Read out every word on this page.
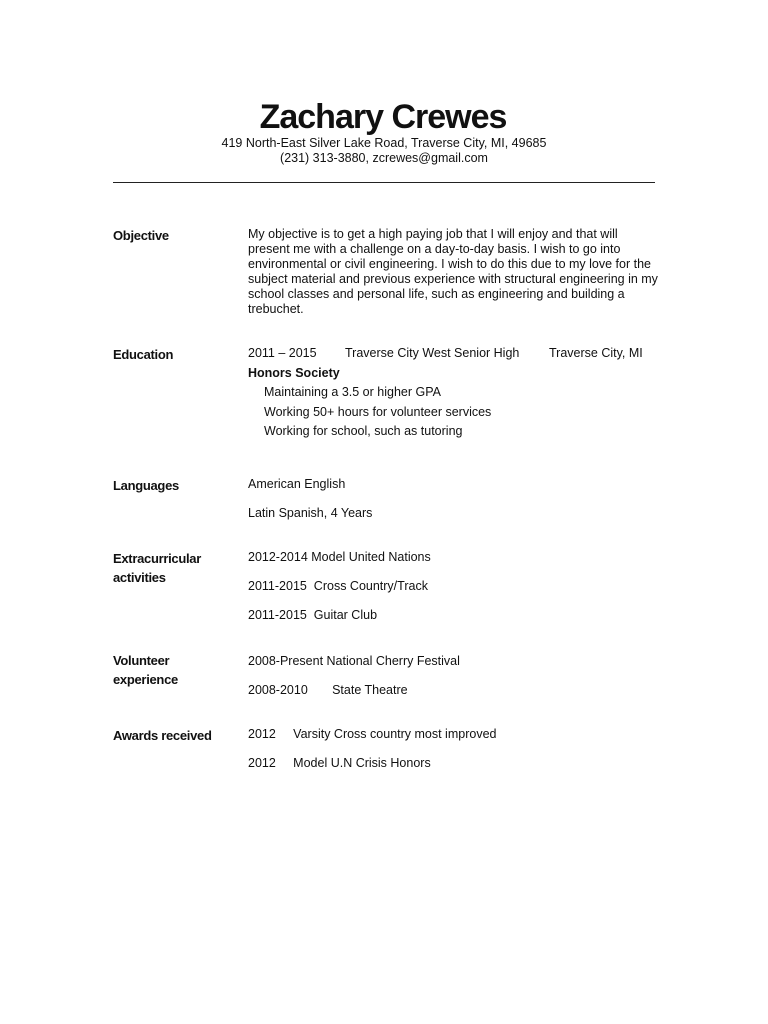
Zachary Crewes
419 North-East Silver Lake Road, Traverse City, MI, 49685
(231) 313-3880, zcrewes@gmail.com
Objective	My objective is to get a high paying job that I will enjoy and that will present me with a challenge on a day-to-day basis. I wish to go into environmental or civil engineering. I wish to do this due to my love for the subject material and previous experience with structural engineering in my school classes and personal life, such as engineering and building a trebuchet.
Education	2011 – 2015 Traverse City West Senior High Traverse City, MI
Honors Society
Maintaining a 3.5 or higher GPA
Working 50+ hours for volunteer services
Working for school, such as tutoring
Languages	American English
Latin Spanish, 4 Years
Extracurricular
activities
2012-2014 Model United Nations
2011-2015  Cross Country/Track
2011-2015  Guitar Club
Volunteer
experience
2008-Present National Cherry Festival
2008-2010       State Theatre
Awards received	2012     Varsity Cross country most improved
2012     Model U.N Crisis Honors
